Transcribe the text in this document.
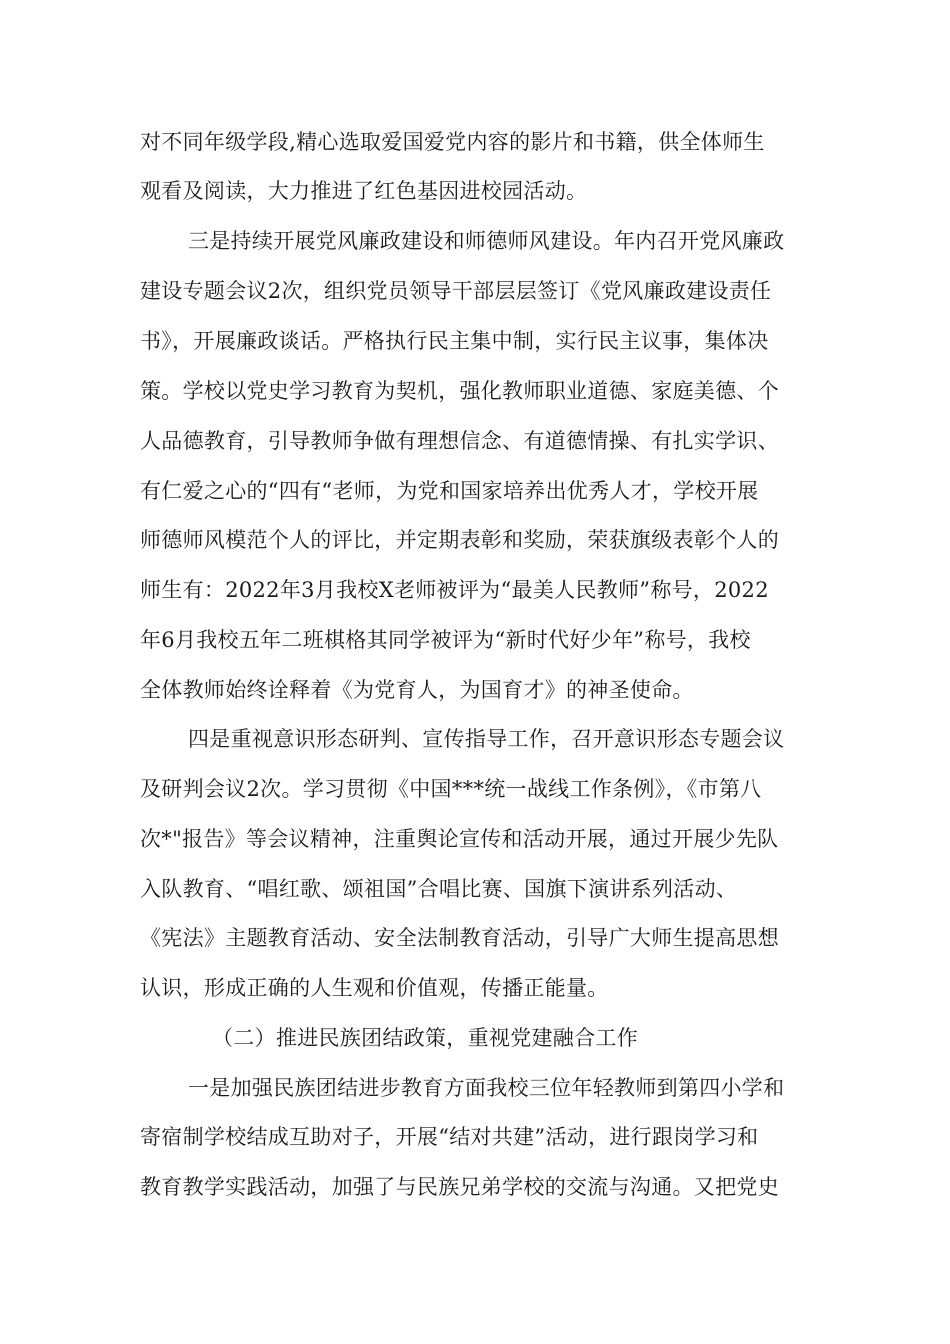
对不同年级学段,精心选取爱国爱党内容的影片和书籍，供全体师生
观看及阅读，大力推进了红色基因进校园活动。
三是持续开展党风廉政建设和师德师风建设。年内召开党风廉政
建设专题会议2次，组织党员领导干部层层签订《党风廉政建设责任
书》，开展廉政谈话。严格执行民主集中制，实行民主议事，集体决
策。学校以党史学习教育为契机，强化教师职业道德、家庭美德、个
人品德教育，引导教师争做有理想信念、有道德情操、有扎实学识、
有仁爱之心的“四有“老师，为党和国家培养出优秀人才，学校开展
师德师风模范个人的评比，并定期表彰和奖励，荣获旗级表彰个人的
师生有：2022年3月我校X老师被评为“最美人民教师”称号，2022
年6月我校五年二班棋格其同学被评为“新时代好少年”称号，我校
全体教师始终诠释着《为党育人，为国育才》的神圣使命。
四是重视意识形态研判、宣传指导工作，召开意识形态专题会议
及研判会议2次。学习贯彻《中国***统一战线工作条例》，《市第八
次*"报告》等会议精神，注重舆论宣传和活动开展，通过开展少先队
入队教育、“唱红歌、颂祖国”合唱比赛、国旗下演讲系列活动、
《宪法》主题教育活动、安全法制教育活动，引导广大师生提高思想
认识，形成正确的人生观和价值观，传播正能量。
（二）推进民族团结政策，重视党建融合工作
一是加强民族团结进步教育方面我校三位年轻教师到第四小学和
寄宿制学校结成互助对子，开展“结对共建”活动，进行跟岗学习和
教育教学实践活动，加强了与民族兄弟学校的交流与沟通。又把党史
